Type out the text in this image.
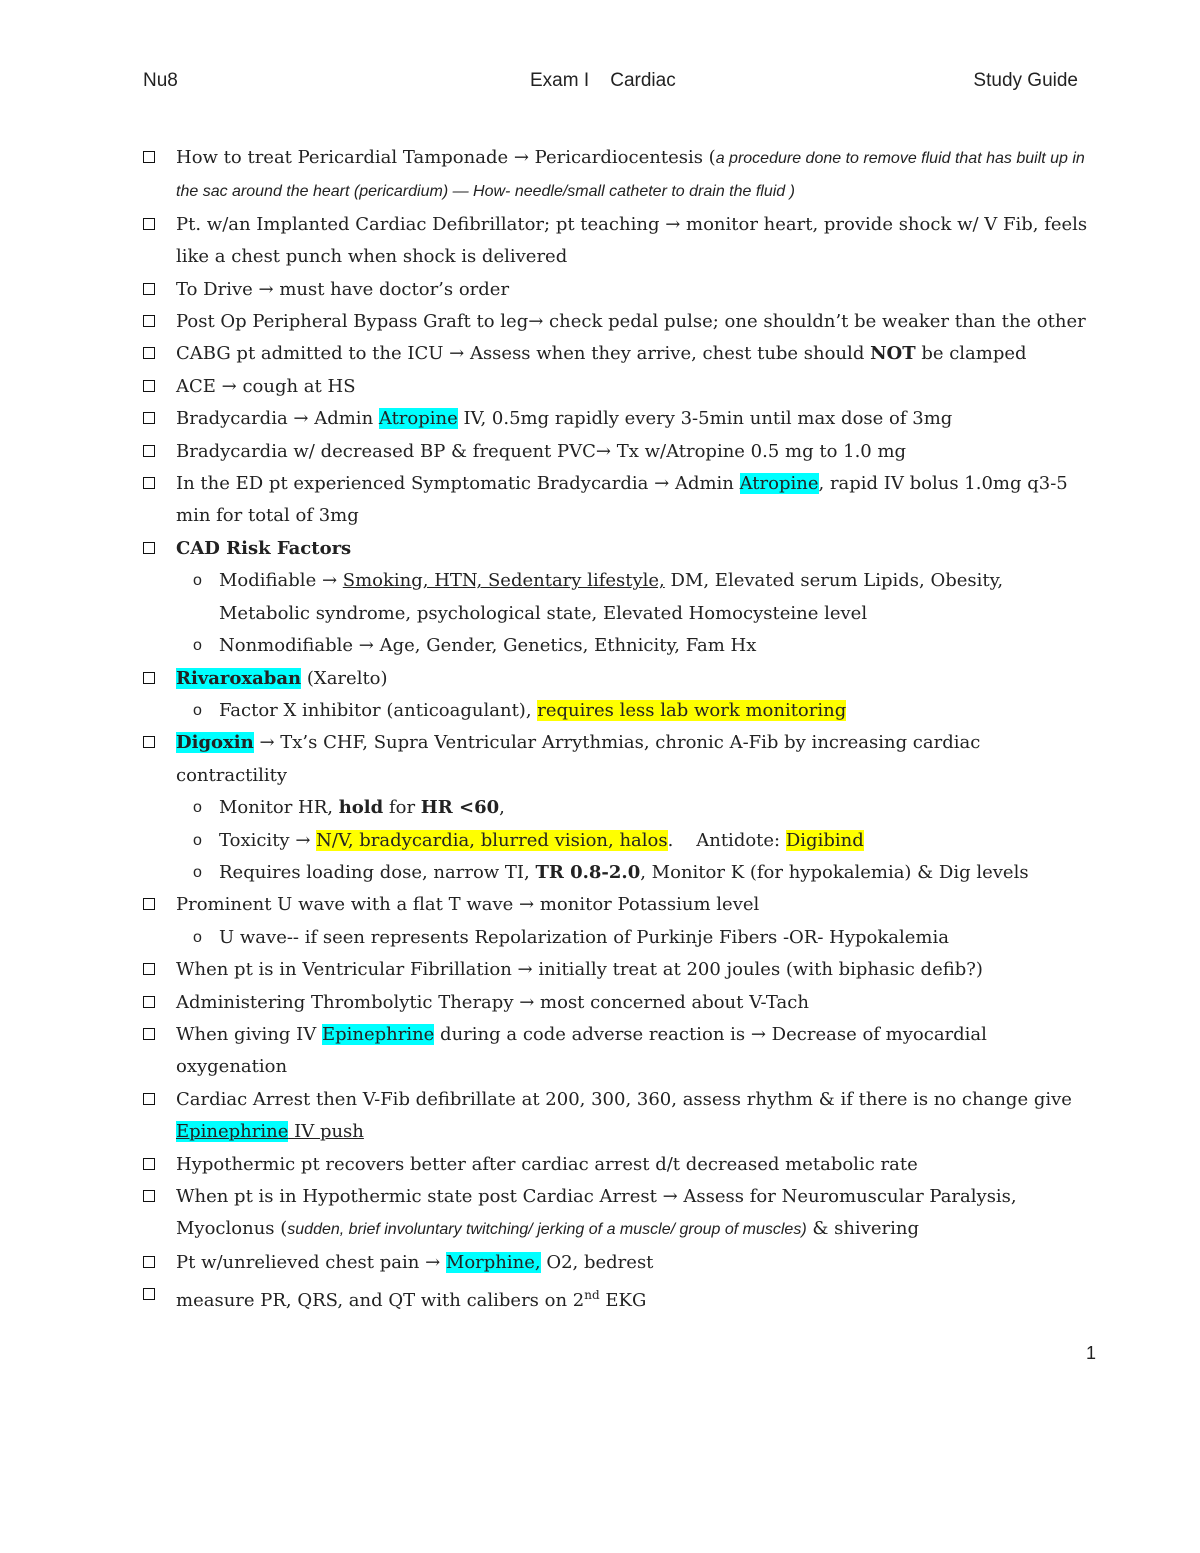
Nu8	Exam I    Cardiac	Study Guide
How to treat Pericardial Tamponade → Pericardiocentesis (a procedure done to remove fluid that has built up in the sac around the heart (pericardium) — How- needle/small catheter to drain the fluid )
Pt. w/an Implanted Cardiac Defibrillator; pt teaching → monitor heart, provide shock w/ V Fib, feels like a chest punch when shock is delivered
To Drive → must have doctor’s order
Post Op Peripheral Bypass Graft to leg→ check pedal pulse; one shouldn’t be weaker than the other
CABG pt admitted to the ICU → Assess when they arrive, chest tube should NOT be clamped
ACE → cough at HS
Bradycardia → Admin Atropine IV, 0.5mg rapidly every 3-5min until max dose of 3mg
Bradycardia w/ decreased BP & frequent PVC→ Tx w/Atropine 0.5 mg to 1.0 mg
In the ED pt experienced Symptomatic Bradycardia → Admin Atropine, rapid IV bolus 1.0mg q3-5 min for total of 3mg
CAD Risk Factors
o Modifiable → Smoking, HTN, Sedentary lifestyle, DM, Elevated serum Lipids, Obesity, Metabolic syndrome, psychological state, Elevated Homocysteine level
o Nonmodifiable → Age, Gender, Genetics, Ethnicity, Fam Hx
Rivaroxaban (Xarelto)
o Factor X inhibitor (anticoagulant), requires less lab work monitoring
Digoxin → Tx’s CHF, Supra Ventricular Arrythmias, chronic A-Fib by increasing cardiac contractility
o Monitor HR, hold for HR <60,
o Toxicity → N/V, bradycardia, blurred vision, halos.    Antidote: Digibind
o Requires loading dose, narrow TI, TR 0.8-2.0, Monitor K (for hypokalemia) & Dig levels
Prominent U wave with a flat T wave → monitor Potassium level
o U wave-- if seen represents Repolarization of Purkinje Fibers -OR- Hypokalemia
When pt is in Ventricular Fibrillation → initially treat at 200 joules (with biphasic defib?)
Administering Thrombolytic Therapy → most concerned about V-Tach
When giving IV Epinephrine during a code adverse reaction is → Decrease of myocardial oxygenation
Cardiac Arrest then V-Fib defibrillate at 200, 300, 360, assess rhythm & if there is no change give Epinephrine IV push
Hypothermic pt recovers better after cardiac arrest d/t decreased metabolic rate
When pt is in Hypothermic state post Cardiac Arrest → Assess for Neuromuscular Paralysis, Myoclonus (sudden, brief involuntary twitching/ jerking of a muscle/ group of muscles) & shivering
Pt w/unrelieved chest pain → Morphine, O2, bedrest
measure PR, QRS, and QT with calibers on 2nd EKG
1
